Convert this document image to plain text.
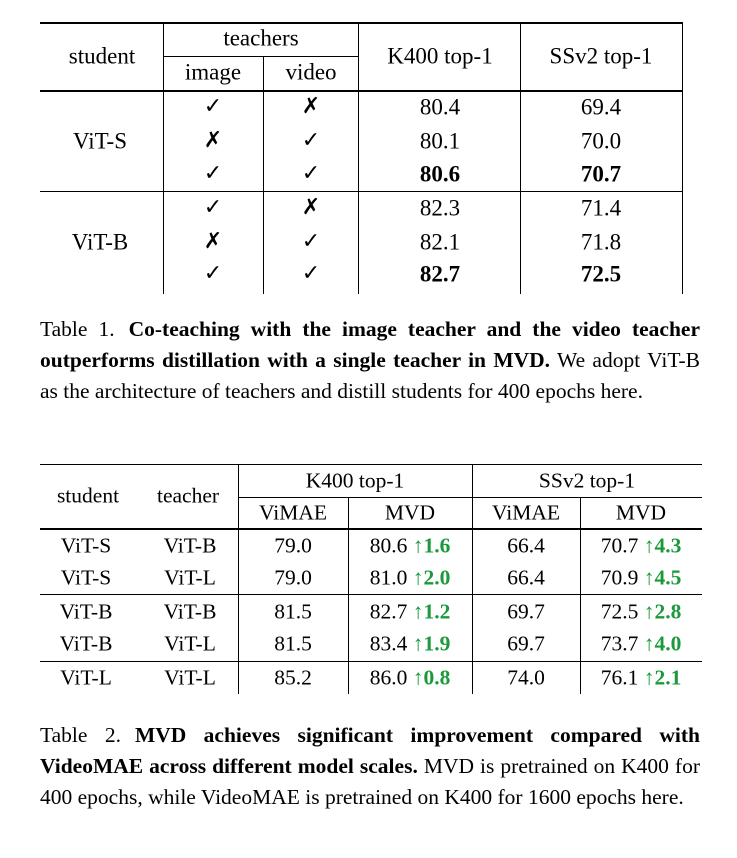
student
teachers
image video
K400 top-1 SSv2 top-1
ViT-S
✓	✗	80.4	69.4
✗	✓	80.1	70.0
✓	✓	80.6	70.7
ViT-B
✓	✗	82.3	71.4
✗	✓	82.1	71.8
✓	✓	82.7	72.5
Table 1. Co-teaching with the image teacher and the video teacher outperforms distillation with a single teacher in MVD. We adopt ViT-B as the architecture of teachers and distill students for 400 epochs here.
student teacher
K400 top-1	SSv2 top-1
ViMAE	MVD	ViMAE	MVD
ViT-S ViT-B	79.0	80.6 ↑1.6	66.4	70.7 ↑4.3
ViT-S ViT-L	79.0	81.0 ↑2.0	66.4	70.9 ↑4.5
ViT-B ViT-B	81.5	82.7 ↑1.2	69.7	72.5 ↑2.8
ViT-B ViT-L	81.5	83.4 ↑1.9	69.7	73.7 ↑4.0
ViT-L ViT-L	85.2	86.0 ↑0.8	74.0	76.1 ↑2.1
Table 2. MVD achieves significant improvement compared with VideoMAE across different model scales. MVD is pretrained on K400 for 400 epochs, while VideoMAE is pretrained on K400 for 1600 epochs here.
